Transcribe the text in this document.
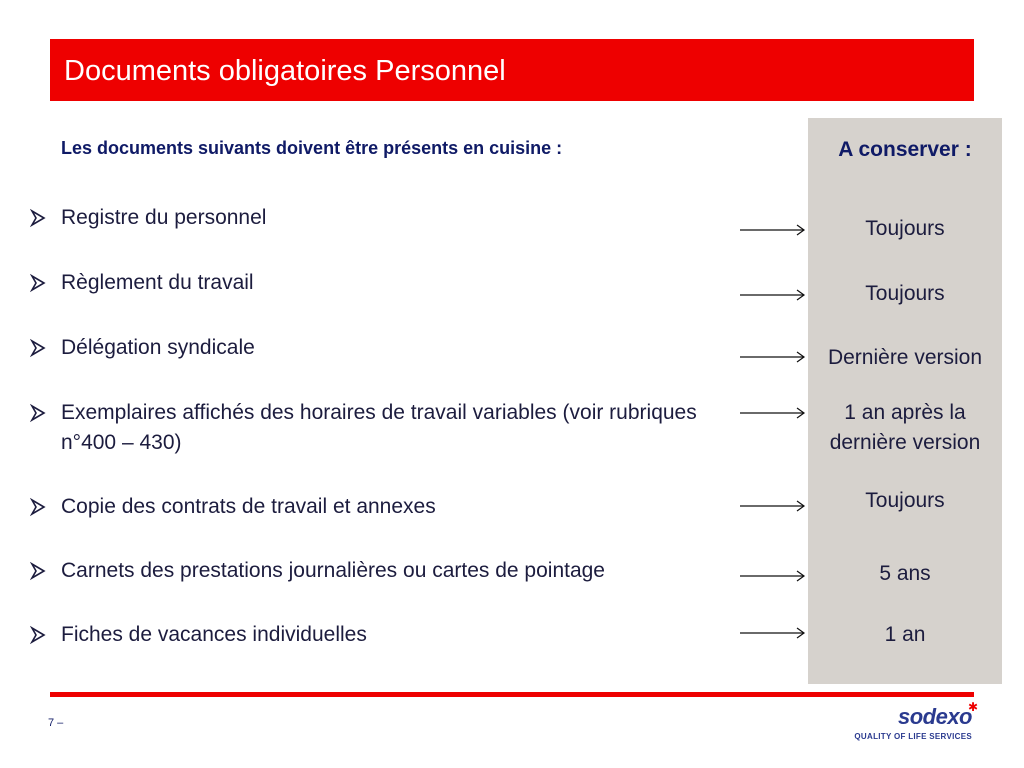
Documents obligatoires Personnel
Les documents suivants doivent être présents en cuisine :	A conserver :
Registre du personnel
Règlement du travail
Délégation syndicale
Exemplaires affichés des horaires de travail variables (voir rubriques n°400 – 430)
Copie des contrats de travail et annexes
Carnets des prestations journalières ou cartes de pointage
Fiches de vacances individuelles
Toujours
Toujours
Dernière version
1 an après la dernière version
Toujours
5 ans
1 an
7 –	sodexo
✱
QUALITY OF LIFE SERVICES
